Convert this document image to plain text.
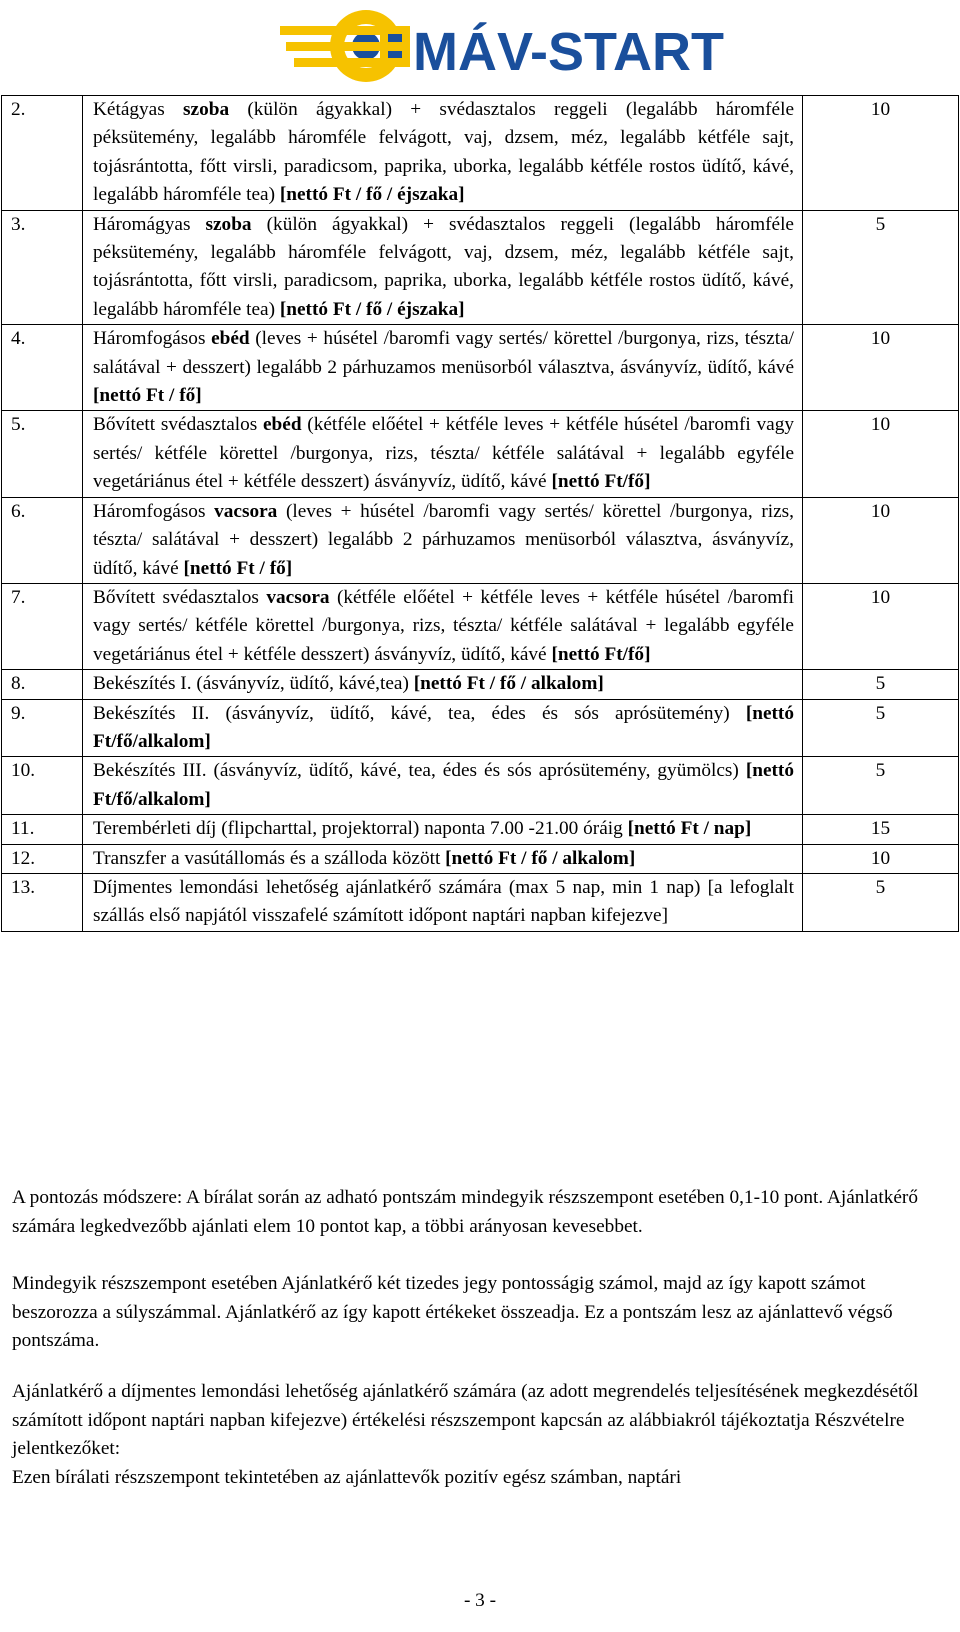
MÁV-START
2.	Kétágyas szoba (külön ágyakkal) + svédasztalos reggeli (legalább háromféle péksütemény, legalább háromféle felvágott, vaj, dzsem, méz, legalább kétféle sajt, tojásrántotta, főtt virsli, paradicsom, paprika, uborka, legalább kétféle rostos üdítő, kávé, legalább háromféle tea) [nettó Ft / fő / éjszaka]	10
3.	Háromágyas szoba (külön ágyakkal) + svédasztalos reggeli (legalább háromféle péksütemény, legalább háromféle felvágott, vaj, dzsem, méz, legalább kétféle sajt, tojásrántotta, főtt virsli, paradicsom, paprika, uborka, legalább kétféle rostos üdítő, kávé, legalább háromféle tea) [nettó Ft / fő / éjszaka]	5
4.	Háromfogásos ebéd (leves + húsétel /baromfi vagy sertés/ körettel /burgonya, rizs, tészta/ salátával + desszert) legalább 2 párhuzamos menüsorból választva, ásványvíz, üdítő, kávé [nettó Ft / fő]	10
5.	Bővített svédasztalos ebéd (kétféle előétel + kétféle leves + kétféle húsétel /baromfi vagy sertés/ kétféle körettel /burgonya, rizs, tészta/ kétféle salátával + legalább egyféle vegetáriánus étel + kétféle desszert) ásványvíz, üdítő, kávé [nettó Ft/fő]	10
6.	Háromfogásos vacsora (leves + húsétel /baromfi vagy sertés/ körettel /burgonya, rizs, tészta/ salátával + desszert) legalább 2 párhuzamos menüsorból választva, ásványvíz, üdítő, kávé [nettó Ft / fő]	10
7.	Bővített svédasztalos vacsora (kétféle előétel + kétféle leves + kétféle húsétel /baromfi vagy sertés/ kétféle körettel /burgonya, rizs, tészta/ kétféle salátával + legalább egyféle vegetáriánus étel + kétféle desszert) ásványvíz, üdítő, kávé [nettó Ft/fő]	10
8.	Bekészítés I. (ásványvíz, üdítő, kávé,tea) [nettó Ft / fő / alkalom]	5
9.	Bekészítés II. (ásványvíz, üdítő, kávé, tea, édes és sós aprósütemény) [nettó Ft/fő/alkalom]	5
10.	Bekészítés III. (ásványvíz, üdítő, kávé, tea, édes és sós aprósütemény, gyümölcs) [nettó Ft/fő/alkalom]	5
11.	Terembérleti díj (flipcharttal, projektorral) naponta 7.00 -21.00 óráig [nettó Ft / nap]	15
12.	Transzfer a vasútállomás és a szálloda között [nettó Ft / fő / alkalom]	10
13.	Díjmentes lemondási lehetőség ajánlatkérő számára (max 5 nap, min 1 nap) [a lefoglalt szállás első napjától visszafelé számított időpont naptári napban kifejezve]	5
A pontozás módszere: A bírálat során az adható pontszám mindegyik részszempont esetében 0,1-10 pont. Ajánlatkérő számára legkedvezőbb ajánlati elem 10 pontot kap, a többi arányosan kevesebbet.
Mindegyik részszempont esetében Ajánlatkérő két tizedes jegy pontosságig számol, majd az így kapott számot beszorozza a súlyszámmal. Ajánlatkérő az így kapott értékeket összeadja. Ez a pontszám lesz az ajánlattevő végső pontszáma.
Ajánlatkérő a díjmentes lemondási lehetőség ajánlatkérő számára (az adott megrendelés teljesítésének megkezdésétől számított időpont naptári napban kifejezve) értékelési részszempont kapcsán az alábbiakról tájékoztatja Részvételre jelentkezőket:
Ezen bírálati részszempont tekintetében az ajánlattevők pozitív egész számban, naptári
- 3 -
